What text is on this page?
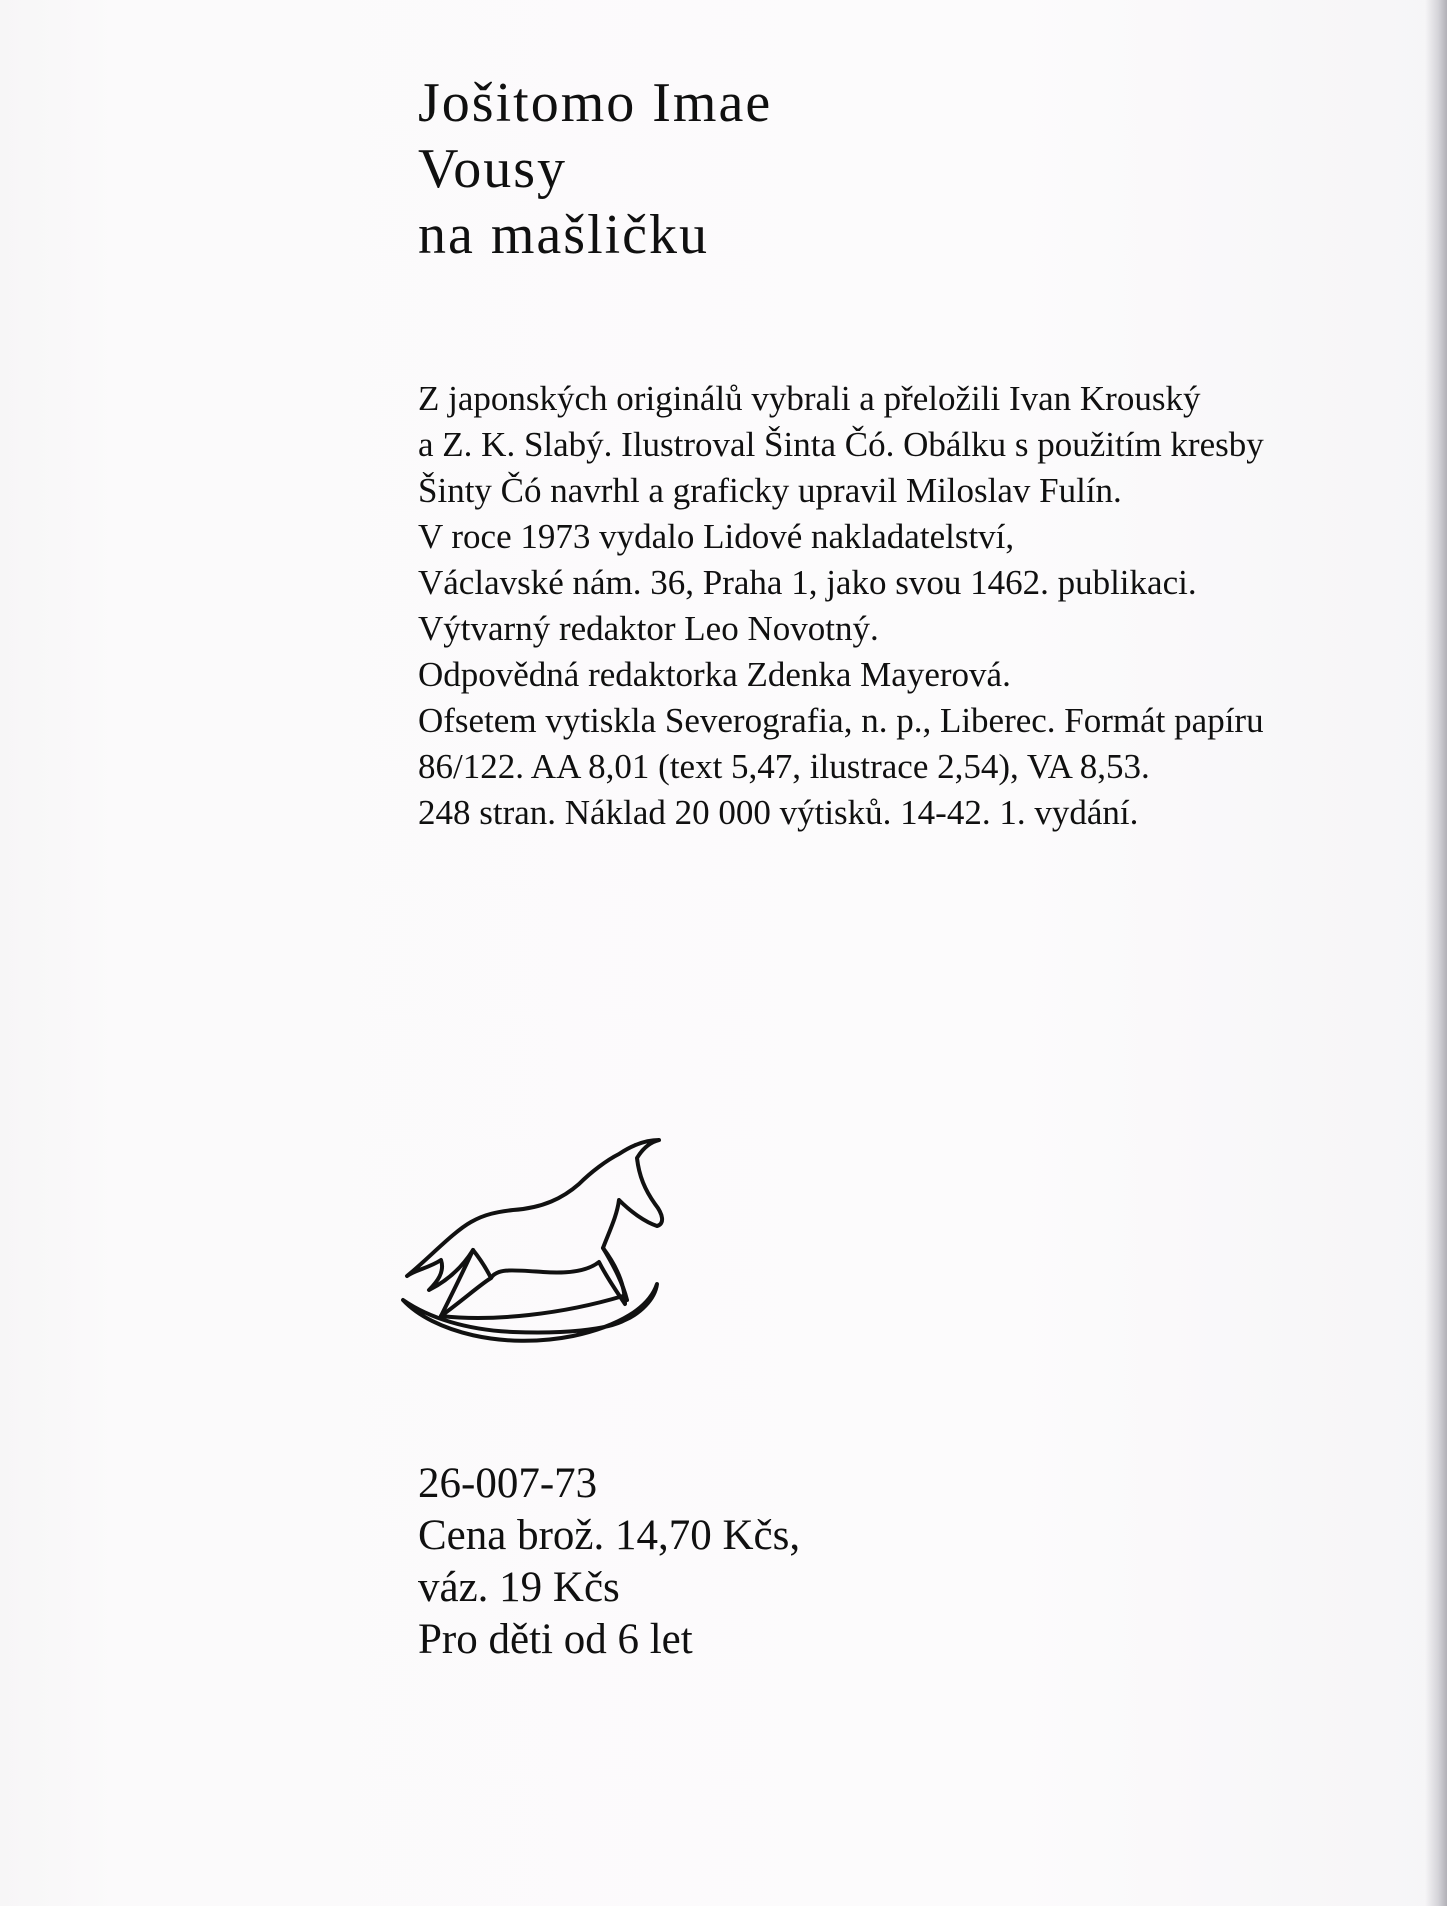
Jošitomo Imae
Vousy
na mašličku
Z japonských originálů vybrali a přeložili Ivan Krouský
a Z. K. Slabý. Ilustroval Šinta Čó. Obálku s použitím kresby
Šinty Čó navrhl a graficky upravil Miloslav Fulín.
V roce 1973 vydalo Lidové nakladatelství,
Václavské nám. 36, Praha 1, jako svou 1462. publikaci.
Výtvarný redaktor Leo Novotný.
Odpovědná redaktorka Zdenka Mayerová.
Ofsetem vytiskla Severografia, n. p., Liberec. Formát papíru
86/122. AA 8,01 (text 5,47, ilustrace 2,54), VA 8,53.
248 stran. Náklad 20 000 výtisků. 14-42. 1. vydání.
26-007-73
Cena brož. 14,70 Kčs,
váz. 19 Kčs
Pro děti od 6 let
